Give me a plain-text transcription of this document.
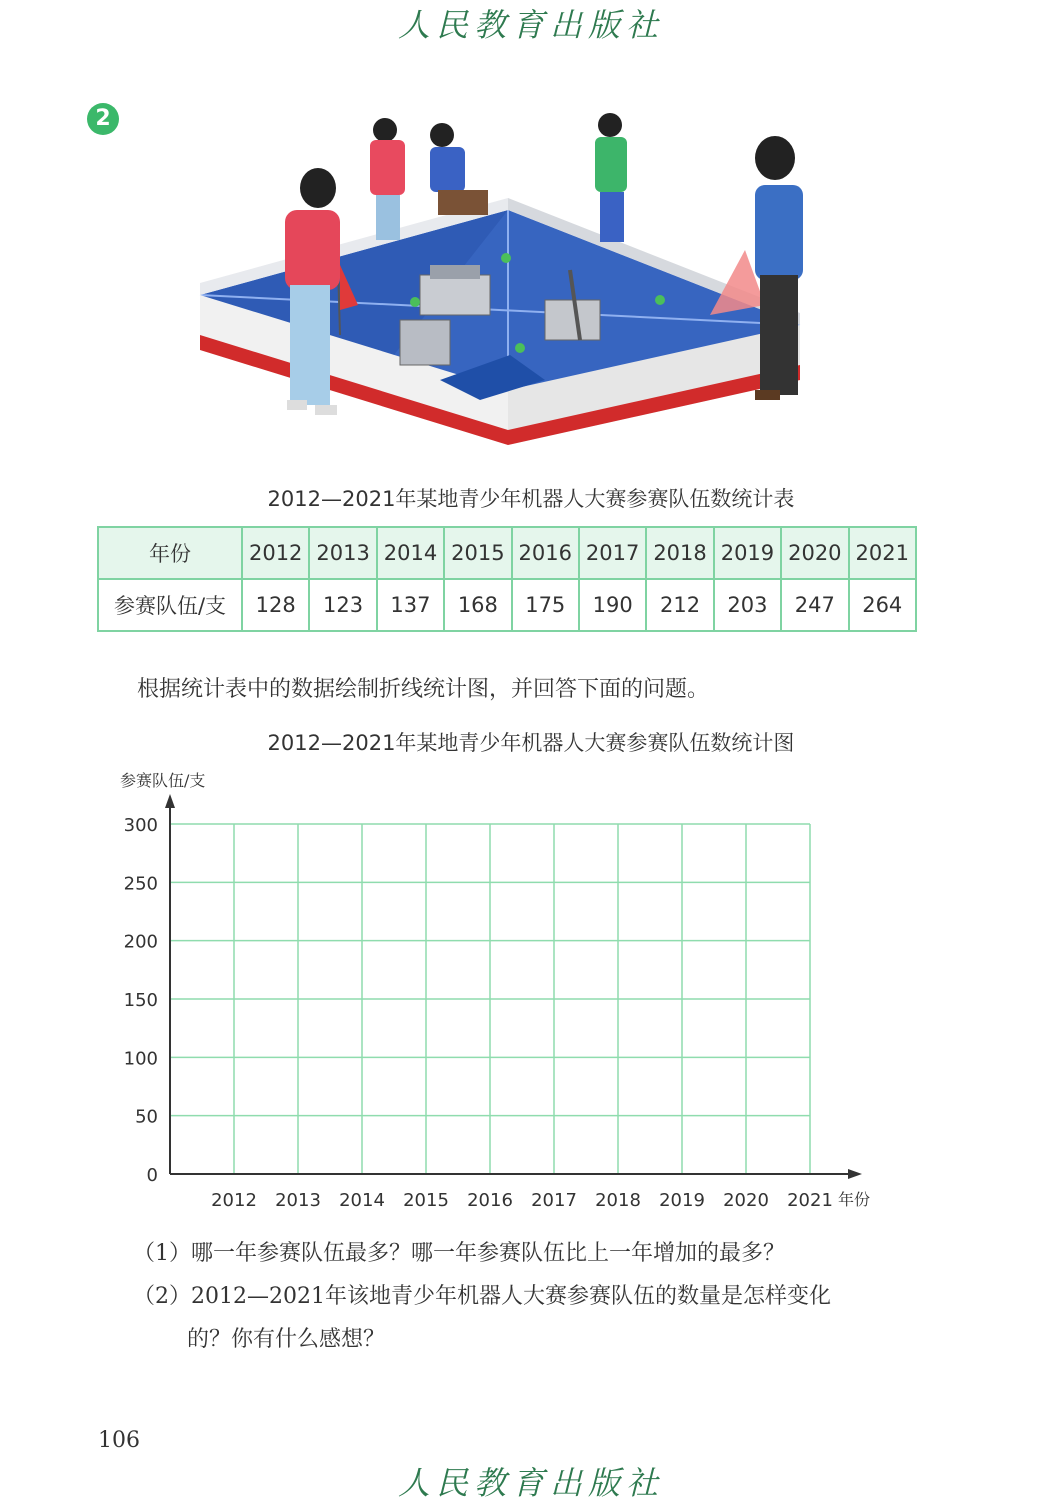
人民教育出版社
2
2012—2021年某地青少年机器人大赛参赛队伍数统计表
年份	2012	2013	2014	2015	2016	2017	2018	2019	2020	2021
参赛队伍/支	128	123	137	168	175	190	212	203	247	264
根据统计表中的数据绘制折线统计图，并回答下面的问题。
2012—2021年某地青少年机器人大赛参赛队伍数统计图
参赛队伍/支
0
50
100
150
200
250
300
2012 2013 2014 2015 2016 2017 2018 2019 2020 2021 年份
（1）哪一年参赛队伍最多？哪一年参赛队伍比上一年增加的最多？
（2）2012—2021年该地青少年机器人大赛参赛队伍的数量是怎样变化
的？你有什么感想？
106
人民教育出版社
